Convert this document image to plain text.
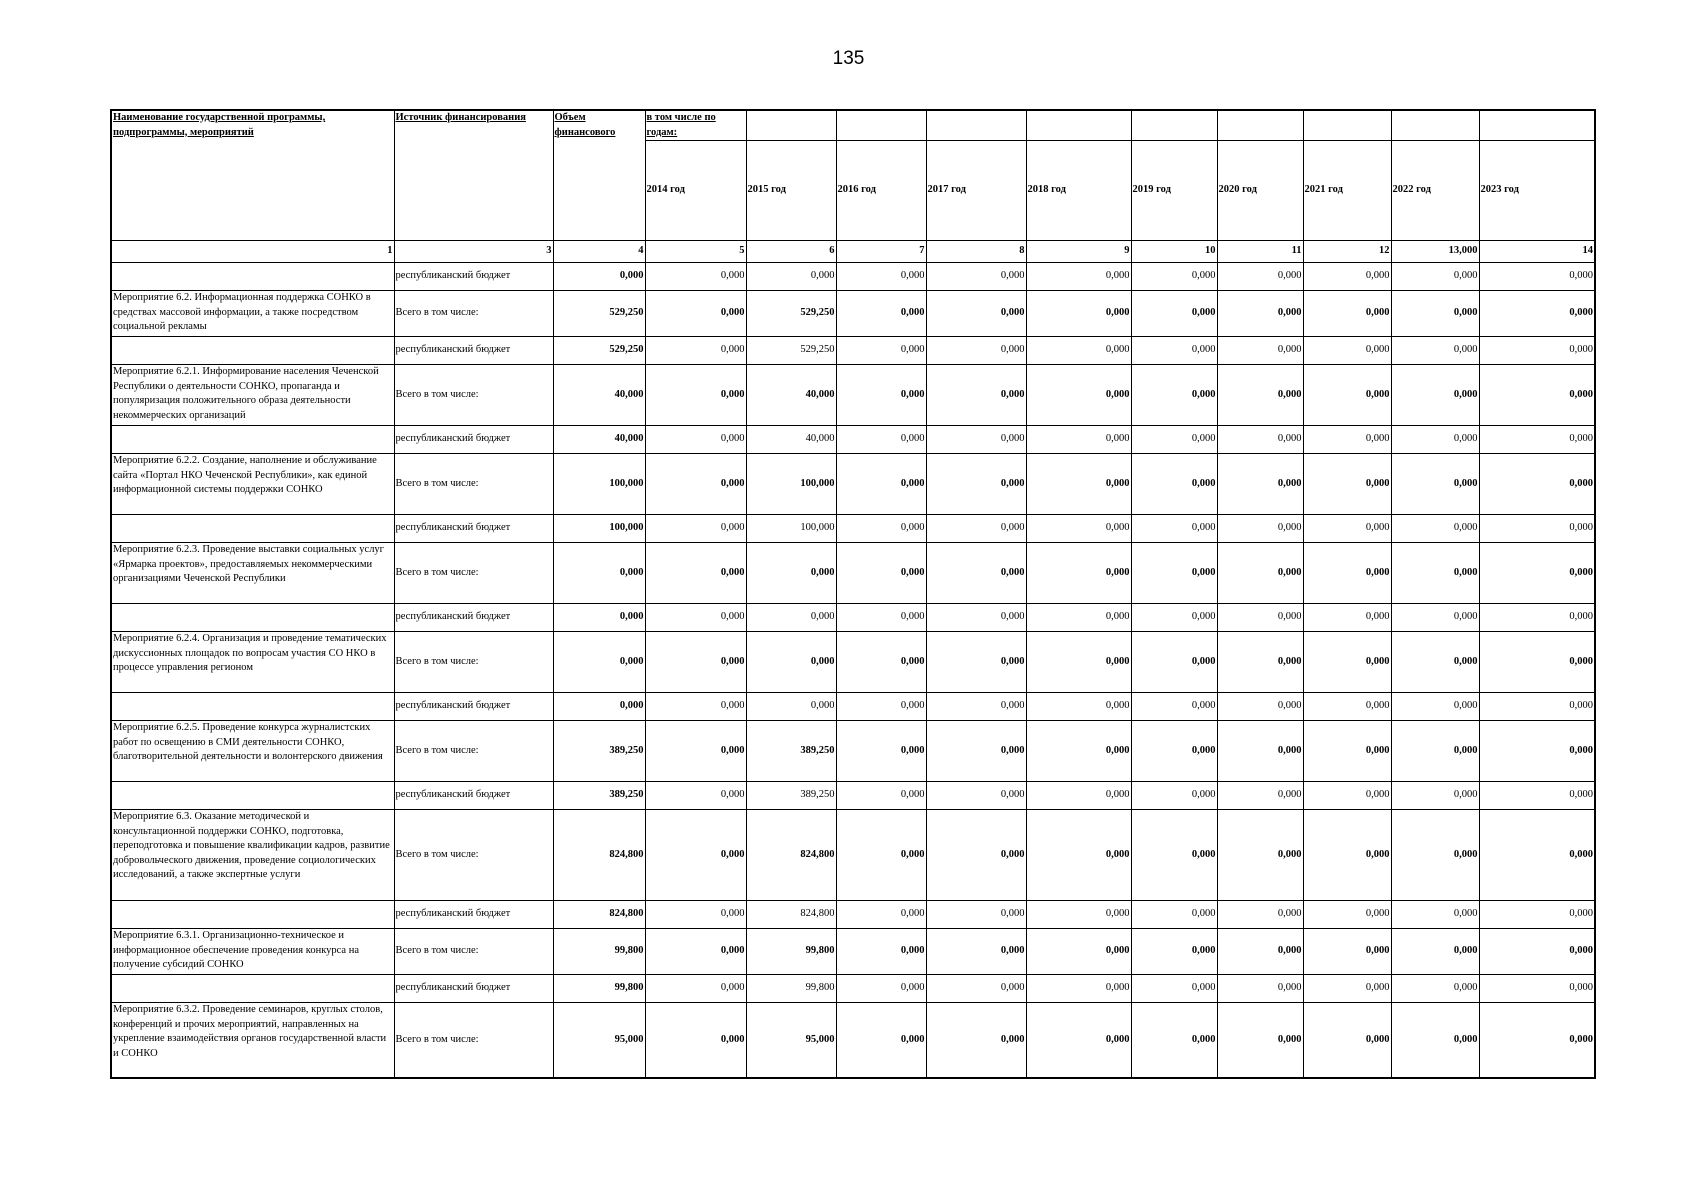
135
Наименование государственной программы, подпрограммы, мероприятий	Источник финансирования	Объем финансового	в том числе по годам:									
			2014 год	2015 год	2016 год	2017 год	2018 год	2019 год	2020 год	2021 год	2022 год	2023 год
1	3	4	5	6	7	8	9	10	11	12	13,000	14
	республиканский бюджет	0,000	0,000	0,000	0,000	0,000	0,000	0,000	0,000	0,000	0,000	0,000
Мероприятие 6.2. Информационная поддержка СОНКО в средствах массовой информации, а также посредством социальной рекламы	Всего в том числе:	529,250	0,000	529,250	0,000	0,000	0,000	0,000	0,000	0,000	0,000	0,000
	республиканский бюджет	529,250	0,000	529,250	0,000	0,000	0,000	0,000	0,000	0,000	0,000	0,000
Мероприятие 6.2.1. Информирование населения Чеченской Республики о деятельности СОНКО, пропаганда и популяризация положительного образа деятельности некоммерческих организаций	Всего в том числе:	40,000	0,000	40,000	0,000	0,000	0,000	0,000	0,000	0,000	0,000	0,000
	республиканский бюджет	40,000	0,000	40,000	0,000	0,000	0,000	0,000	0,000	0,000	0,000	0,000
Мероприятие 6.2.2. Создание, наполнение и обслуживание сайта «Портал НКО Чеченской Республики», как единой информационной системы поддержки СОНКО	Всего в том числе:	100,000	0,000	100,000	0,000	0,000	0,000	0,000	0,000	0,000	0,000	0,000
	республиканский бюджет	100,000	0,000	100,000	0,000	0,000	0,000	0,000	0,000	0,000	0,000	0,000
Мероприятие 6.2.3. Проведение выставки социальных услуг «Ярмарка проектов», предоставляемых некоммерческими организациями Чеченской Республики	Всего в том числе:	0,000	0,000	0,000	0,000	0,000	0,000	0,000	0,000	0,000	0,000	0,000
	республиканский бюджет	0,000	0,000	0,000	0,000	0,000	0,000	0,000	0,000	0,000	0,000	0,000
Мероприятие 6.2.4. Организация и проведение тематических дискуссионных площадок по вопросам участия СО НКО в процессе управления регионом	Всего в том числе:	0,000	0,000	0,000	0,000	0,000	0,000	0,000	0,000	0,000	0,000	0,000
	республиканский бюджет	0,000	0,000	0,000	0,000	0,000	0,000	0,000	0,000	0,000	0,000	0,000
Мероприятие 6.2.5. Проведение конкурса журналистских работ по освещению в СМИ деятельности СОНКО, благотворительной деятельности и волонтерского движения	Всего в том числе:	389,250	0,000	389,250	0,000	0,000	0,000	0,000	0,000	0,000	0,000	0,000
	республиканский бюджет	389,250	0,000	389,250	0,000	0,000	0,000	0,000	0,000	0,000	0,000	0,000
Мероприятие 6.3. Оказание методической и консультационной поддержки СОНКО, подготовка, переподготовка и повышение квалификации кадров, развитие добровольческого движения, проведение социологических исследований, а также экспертные услуги	Всего в том числе:	824,800	0,000	824,800	0,000	0,000	0,000	0,000	0,000	0,000	0,000	0,000
	республиканский бюджет	824,800	0,000	824,800	0,000	0,000	0,000	0,000	0,000	0,000	0,000	0,000
Мероприятие 6.3.1. Организационно-техническое и информационное обеспечение проведения конкурса на получение субсидий СОНКО	Всего в том числе:	99,800	0,000	99,800	0,000	0,000	0,000	0,000	0,000	0,000	0,000	0,000
	республиканский бюджет	99,800	0,000	99,800	0,000	0,000	0,000	0,000	0,000	0,000	0,000	0,000
Мероприятие 6.3.2. Проведение семинаров, круглых столов, конференций и прочих мероприятий, направленных на укрепление взаимодействия органов государственной власти и СОНКО	Всего в том числе:	95,000	0,000	95,000	0,000	0,000	0,000	0,000	0,000	0,000	0,000	0,000
